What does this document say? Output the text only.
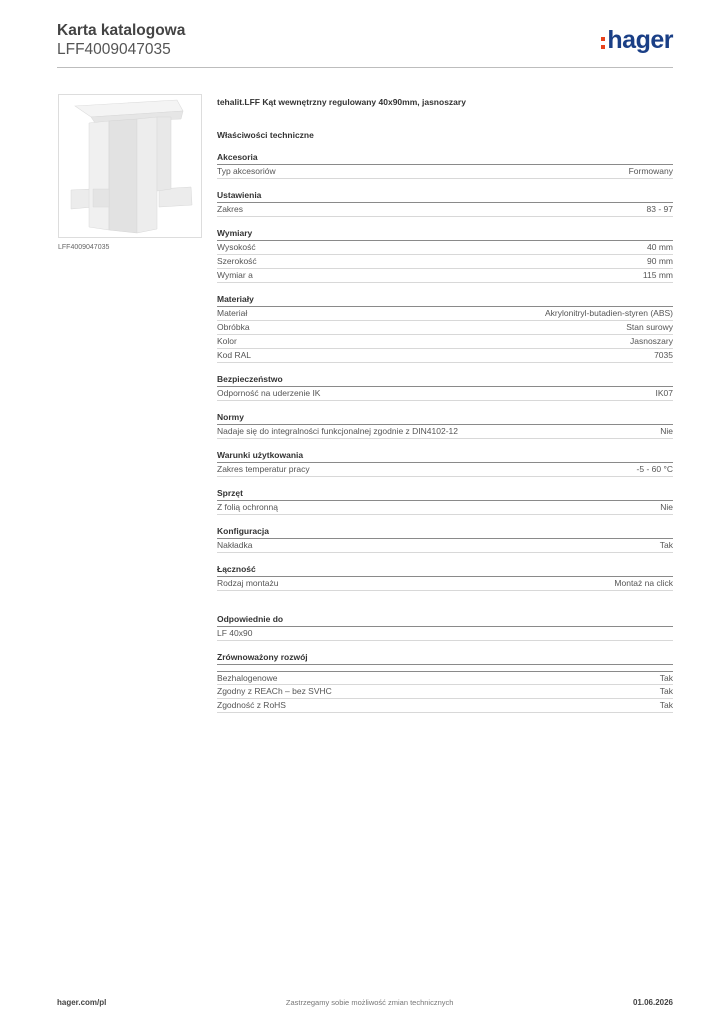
Karta katalogowa
LFF4009047035	hager
LFF4009047035
tehalit.LFF Kąt wewnętrzny regulowany 40x90mm, jasnoszary
Właściwości techniczne
Akcesoria
Typ akcesoriów	Formowany
Ustawienia
Zakres	83 - 97
Wymiary
Wysokość	40 mm
Szerokość	90 mm
Wymiar a	115 mm
Materiały
Materiał	Akrylonitryl-butadien-styren (ABS)
Obróbka	Stan surowy
Kolor	Jasnoszary
Kod RAL	7035
Bezpieczeństwo
Odporność na uderzenie IK	IK07
Normy
Nadaje się do integralności funkcjonalnej zgodnie z DIN4102-12	Nie
Warunki użytkowania
Zakres temperatur pracy	-5 - 60 °C
Sprzęt
Z folią ochronną	Nie
Konfiguracja
Nakładka	Tak
Łączność
Rodzaj montażu	Montaż na click
Odpowiednie do
LF 40x90
Zrównoważony rozwój
Bezhalogenowe	Tak
Zgodny z REACh – bez SVHC	Tak
Zgodność z RoHS	Tak
hager.com/pl	Zastrzegamy sobie możliwość zmian technicznych	01.06.2026
